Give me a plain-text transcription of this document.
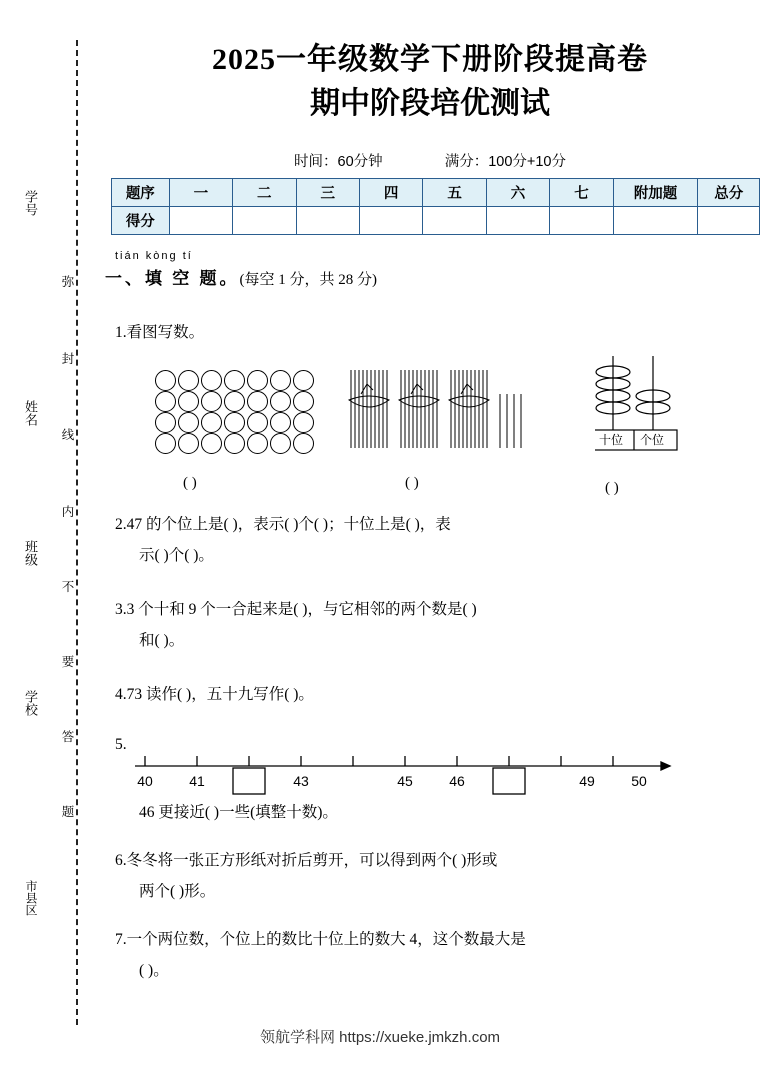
学号
姓名
班级
学校
市县区
弥
封
线
内
不
要
答
题
2025一年级数学下册阶段提高卷
期中阶段培优测试
时间：60分钟	满分：100分+10分
题序	一	二	三	四	五	六	七	附加题	总分
得分									
tián kòng tí
一、填 空 题。(每空 1 分，共 28 分)
1.看图写数。
十位 个位
( )	( )	( )
2.47 的个位上是( )，表示( )个( )；十位上是( )，表
示( )个( )。
3.3 个十和 9 个一合起来是( )，与它相邻的两个数是( )
和( )。
4.73 读作( )，五十九写作( )。
5.
40	41	43	45	46	49	50
46 更接近( )一些(填整十数)。
6.冬冬将一张正方形纸对折后剪开，可以得到两个( )形或
两个( )形。
7.一个两位数，个位上的数比十位上的数大 4，这个数最大是
( )。
领航学科网 https://xueke.jmkzh.com
